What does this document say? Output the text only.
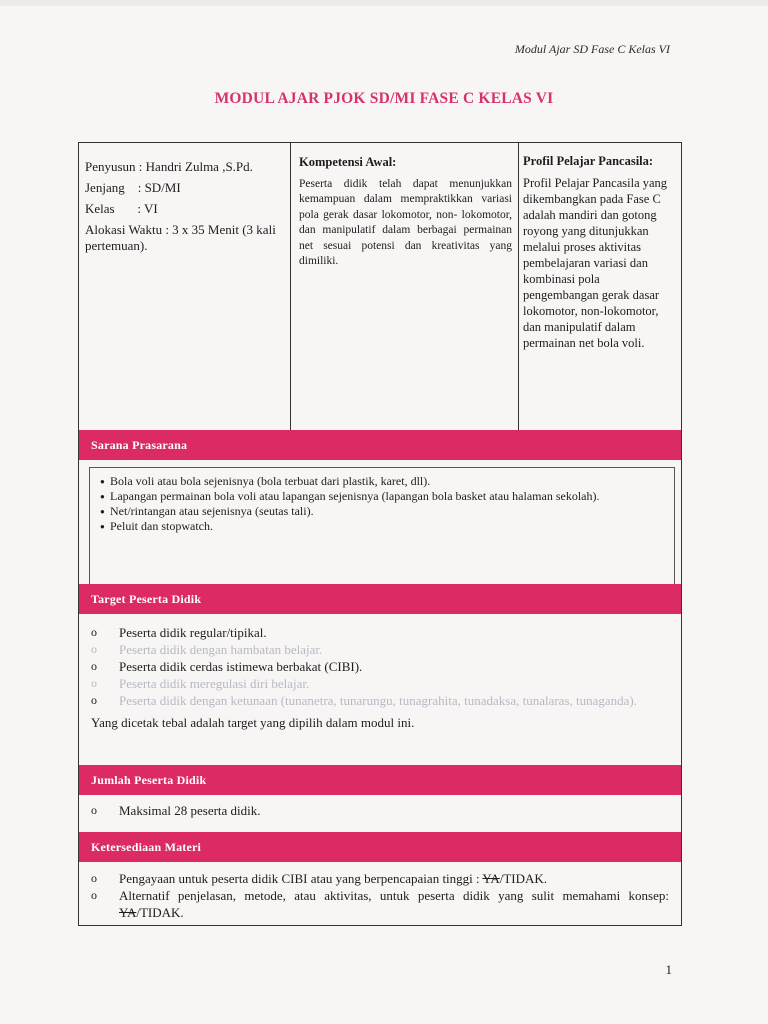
Modul Ajar SD Fase C Kelas VI
MODUL AJAR PJOK SD/MI FASE C KELAS VI

Penyusun : Handri Zulma ,S.Pd.

Jenjang    : SD/MI

Kelas       : VI

Alokasi Waktu : 3 x 35 Menit (3 kali pertemuan).

Kompetensi Awal:
Peserta didik telah dapat menunjukkan kemampuan dalam mempraktikkan variasi pola gerak dasar lokomotor, non- lokomotor, dan manipulatif dalam berbagai permainan net sesuai potensi dan kreativitas yang dimiliki.
Profil Pelajar Pancasila:
Profil Pelajar Pancasila yang dikembangkan pada Fase C adalah mandiri dan gotong royong yang ditunjukkan melalui proses aktivitas pembelajaran variasi dan kombinasi pola pengembangan gerak dasar lokomotor, non-lokomotor, dan manipulatif dalam permainan net bola voli.
Sarana Prasarana
● Bola voli atau bola sejenisnya (bola terbuat dari plastik, karet, dll).
● Lapangan permainan bola voli atau lapangan sejenisnya (lapangan bola basket atau halaman sekolah).
● Net/rintangan atau sejenisnya (seutas tali).
● Peluit dan stopwatch.
Target Peserta Didik
o Peserta didik regular/tipikal.
o Peserta didik dengan hambatan belajar.
o Peserta didik cerdas istimewa berbakat (CIBI).
o Peserta didik meregulasi diri belajar.
o Peserta didik dengan ketunaan (tunanetra, tunarungu, tunagrahita, tunadaksa, tunalaras, tunaganda).
Yang dicetak tebal adalah target yang dipilih dalam modul ini.
Jumlah Peserta Didik
o Maksimal 28 peserta didik.
Ketersediaan Materi
o Pengayaan untuk peserta didik CIBI atau yang berpencapaian tinggi : YA/TIDAK.
o Alternatif penjelasan, metode, atau aktivitas, untuk peserta didik yang sulit memahami konsep: YA/TIDAK.
1
